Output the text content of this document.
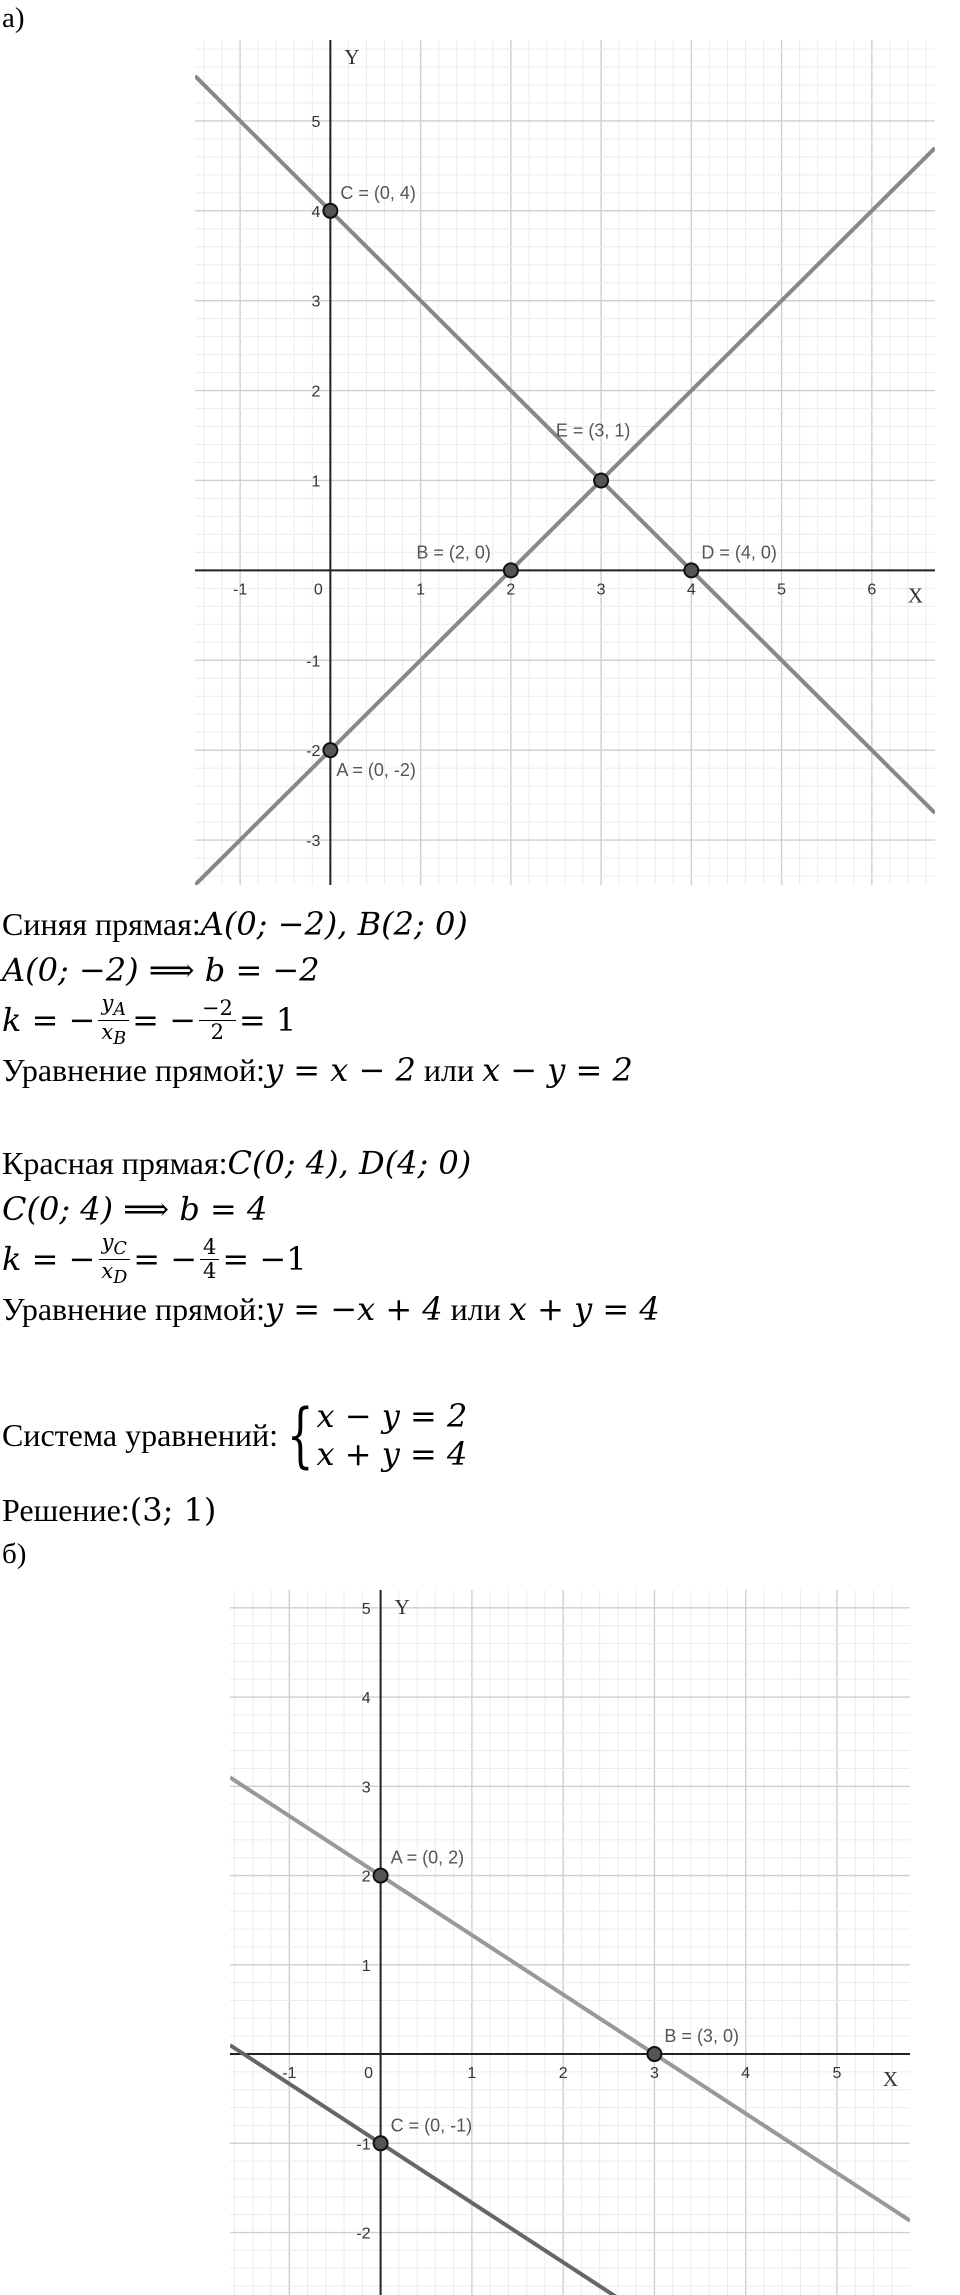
а)
-1	0	1	2	3	4	5	6
5
4
3
2
1
-1
-2
-3
X
Y
C = (0, 4)
E = (3, 1)
B = (2, 0)	D = (4, 0)
A = (0, -2)
Синяя прямая: A(0; −2), B(2; 0)
A(0; −2) ⟹ b = −2
k = − $\frac{y_A}{x_B}$ = − $\frac{-2}{2} = 1$
Уравнение прямой: y = x − 2 или x − y = 2
Красная прямая: C(0; 4), D(4; 0)
C(0; 4) ⟹ b = 4
k = − $\frac{y_C}{x_D}$ = − $\frac{4}{4} = -1$
Уравнение прямой: y = −x + 4 или x + y = 4
Система уравнений: { x − y = 2
x + y = 4
Решение: (3; 1)
б)
-1	0	1	2	3	4	5
5
4
3
2
1
-1
-2
X
Y
A = (0, 2)
B = (3, 0)
C = (0, -1)
